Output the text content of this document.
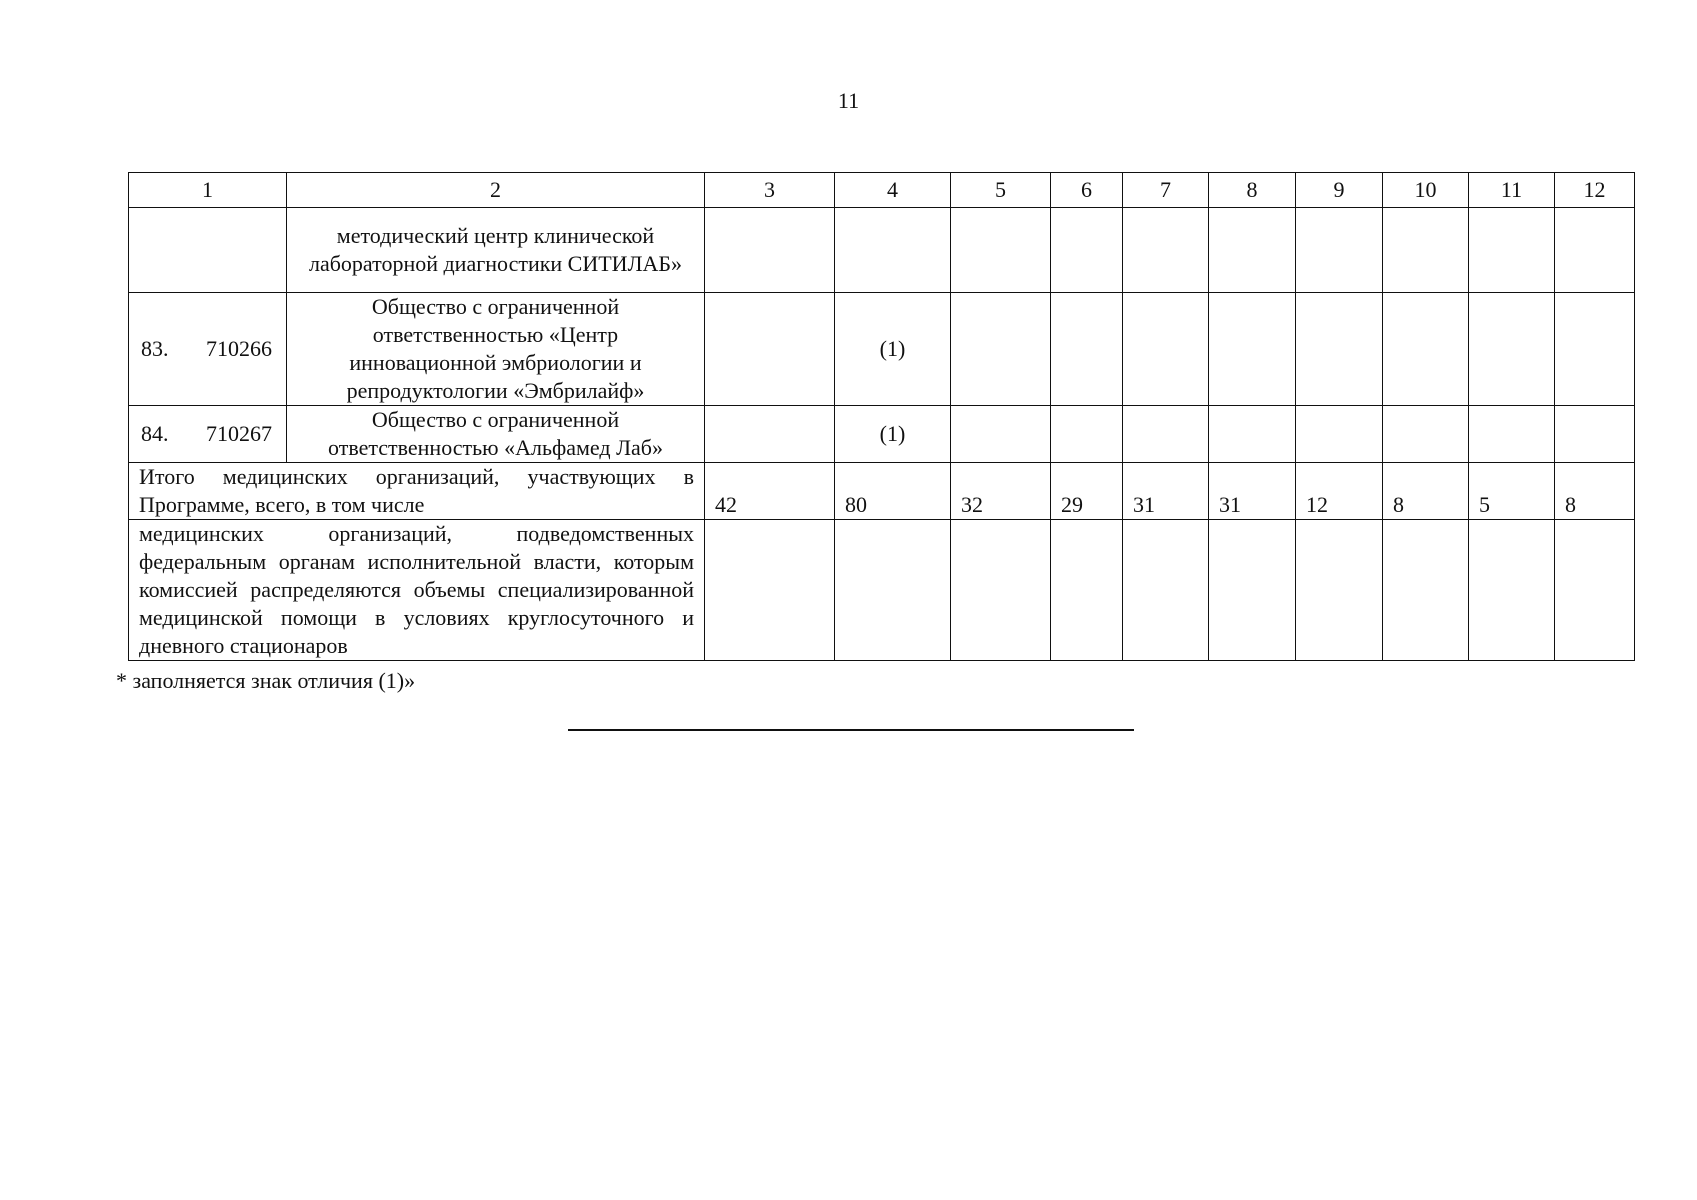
11
1	2	3	4	5	6	7	8	9	10	11	12
	методический центр клинической лабораторной диагностики СИТИЛАБ»										

83. 710266	Общество с ограниченной ответственностью «Центр инновационной эмбриологии и репродуктологии «Эмбрилайф»		(1)								

84. 710267	Общество с ограниченной ответственностью «Альфамед Лаб»		(1)								
Итого медицинских организаций, участвующих в Программе, всего, в том числе		42	80	32	29	31	31	12	8	5	8
медицинских организаций, подведомственных федеральным органам исполнительной власти, которым комиссией распределяются объемы специализированной медицинской помощи в условиях круглосуточного и дневного стационаров											
* заполняется знак отличия (1)»
